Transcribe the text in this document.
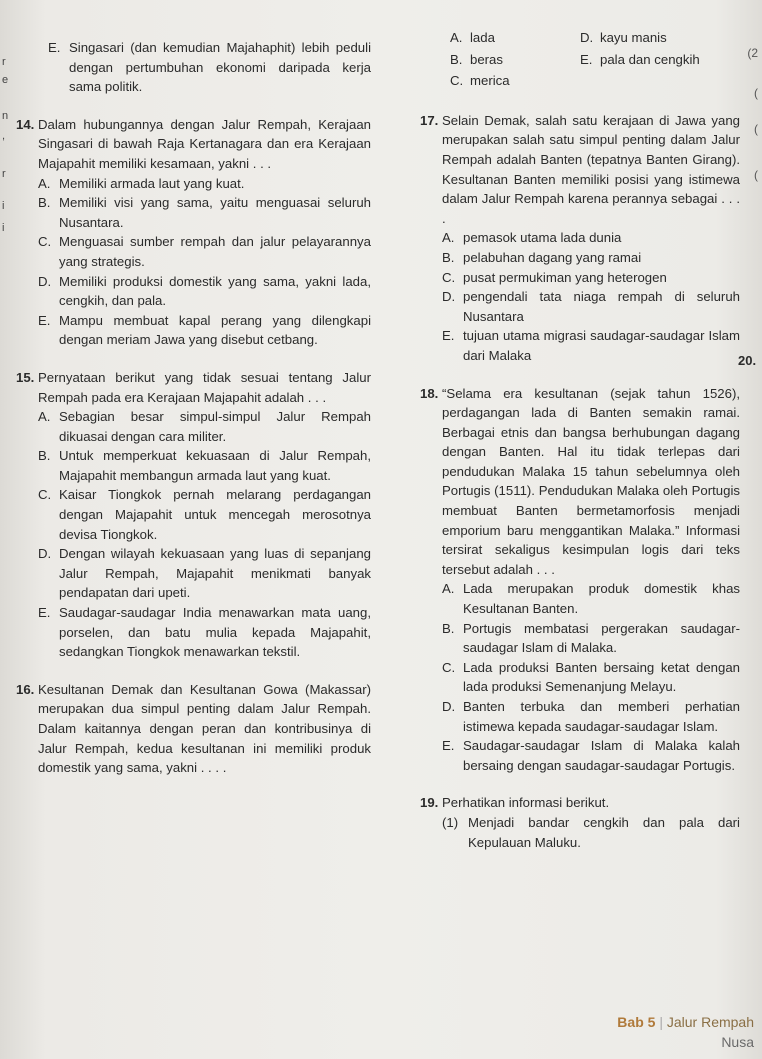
r
e
n
,
r
i
i
(2
(
(
(
E. Singasari (dan kemudian Majahaphit) lebih peduli dengan pertumbuhan ekonomi daripada kerja sama politik.
14. Dalam hubungannya dengan Jalur Rempah, Kerajaan Singasari di bawah Raja Kertanagara dan era Kerajaan Majapahit memiliki kesamaan, yakni . . .
A. Memiliki armada laut yang kuat.
B. Memiliki visi yang sama, yaitu menguasai seluruh Nusantara.
C. Menguasai sumber rempah dan jalur pelayarannya yang strategis.
D. Memiliki produksi domestik yang sama, yakni lada, cengkih, dan pala.
E. Mampu membuat kapal perang yang dilengkapi dengan meriam Jawa yang disebut cetbang.
15. Pernyataan berikut yang tidak sesuai tentang Jalur Rempah pada era Kerajaan Majapahit adalah . . .
A. Sebagian besar simpul-simpul Jalur Rempah dikuasai dengan cara militer.
B. Untuk memperkuat kekuasaan di Jalur Rempah, Majapahit membangun armada laut yang kuat.
C. Kaisar Tiongkok pernah melarang perdagangan dengan Majapahit untuk mencegah merosotnya devisa Tiongkok.
D. Dengan wilayah kekuasaan yang luas di sepanjang Jalur Rempah, Majapahit menikmati banyak pendapatan dari upeti.
E. Saudagar-saudagar India menawarkan mata uang, porselen, dan batu mulia kepada Majapahit, sedangkan Tiongkok menawarkan tekstil.
16. Kesultanan Demak dan Kesultanan Gowa (Makassar) merupakan dua simpul penting dalam Jalur Rempah. Dalam kaitannya dengan peran dan kontribusinya di Jalur Rempah, kedua kesultanan ini memiliki produk domestik yang sama, yakni . . . .
A. lada	D. kayu manis
B. beras	E. pala dan cengkih
C. merica
17. Selain Demak, salah satu kerajaan di Jawa yang merupakan salah satu simpul penting dalam Jalur Rempah adalah Banten (tepatnya Banten Girang). Kesultanan Banten memiliki posisi yang istimewa dalam Jalur Rempah karena perannya sebagai . . . .
A. pemasok utama lada dunia
B. pelabuhan dagang yang ramai
C. pusat permukiman yang heterogen
D. pengendali tata niaga rempah di seluruh Nusantara
E. tujuan utama migrasi saudagar-saudagar Islam dari Malaka
18. “Selama era kesultanan (sejak tahun 1526), perdagangan lada di Banten semakin ramai. Berbagai etnis dan bangsa berhubungan dagang dengan Banten. Hal itu tidak terlepas dari pendudukan Malaka 15 tahun sebelumnya oleh Portugis (1511). Pendudukan Malaka oleh Portugis membuat Banten bermetamorfosis menjadi emporium baru menggantikan Malaka.” Informasi tersirat sekaligus kesimpulan logis dari teks tersebut adalah . . .
A. Lada merupakan produk domestik khas Kesultanan Banten.
B. Portugis membatasi pergerakan saudagar-saudagar Islam di Malaka.
C. Lada produksi Banten bersaing ketat dengan lada produksi Semenanjung Melayu.
D. Banten terbuka dan memberi perhatian istimewa kepada saudagar-saudagar Islam.
E. Saudagar-saudagar Islam di Malaka kalah bersaing dengan saudagar-saudagar Portugis.
19. Perhatikan informasi berikut.
(1) Menjadi bandar cengkih dan pala dari Kepulauan Maluku.
20.
Bab 5 | Jalur Rempah
Nusa
